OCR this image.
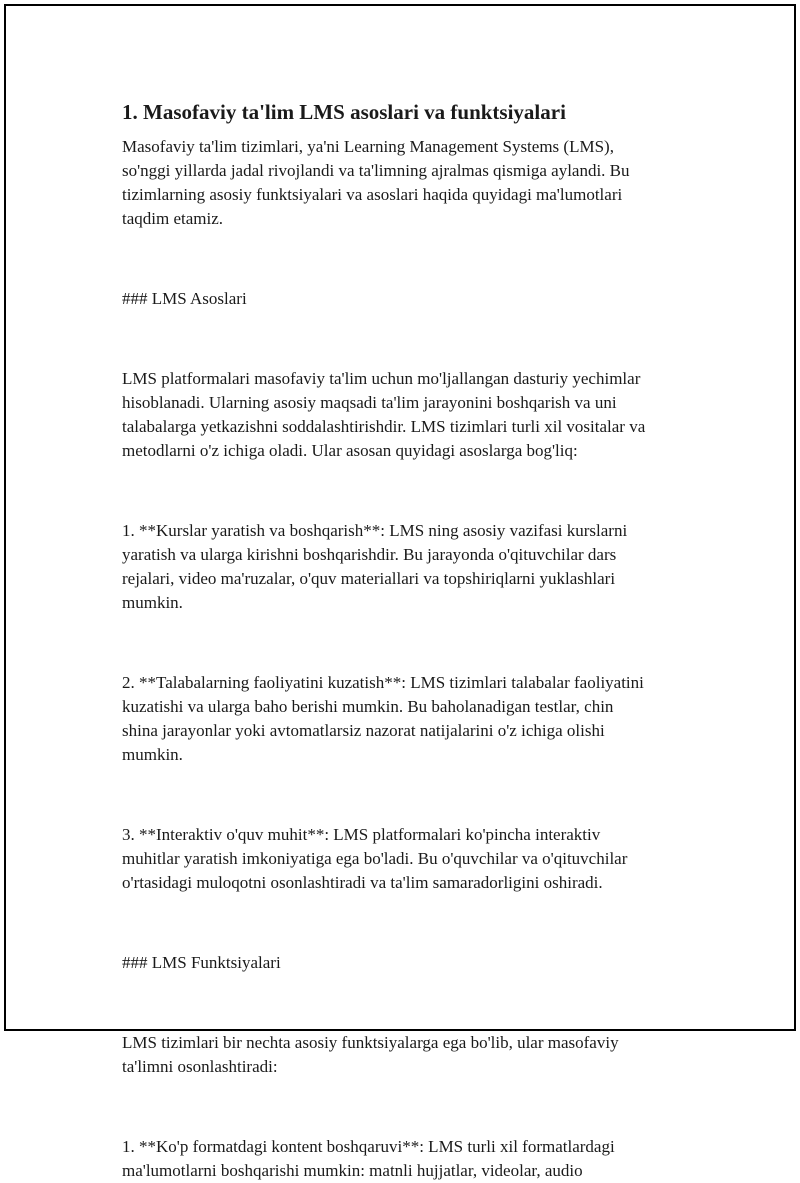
1. Masofaviy ta'lim LMS asoslari va funktsiyalari

Masofaviy ta'lim tizimlari, ya'ni Learning Management Systems (LMS),

so'nggi yillarda jadal rivojlandi va ta'limning ajralmas qismiga aylandi. Bu

tizimlarning asosiy funktsiyalari va asoslari haqida quyidagi ma'lumotlari

taqdim etamiz.

### LMS Asoslari

LMS platformalari masofaviy ta'lim uchun mo'ljallangan dasturiy yechimlar

hisoblanadi. Ularning asosiy maqsadi ta'lim jarayonini boshqarish va uni

talabalarga yetkazishni soddalashtirishdir. LMS tizimlari turli xil vositalar va

metodlarni o'z ichiga oladi. Ular asosan quyidagi asoslarga bog'liq:

1. **Kurslar yaratish va boshqarish**: LMS ning asosiy vazifasi kurslarni

yaratish va ularga kirishni boshqarishdir. Bu jarayonda o'qituvchilar dars

rejalari, video ma'ruzalar, o'quv materiallari va topshiriqlarni yuklashlari

mumkin.

2. **Talabalarning faoliyatini kuzatish**: LMS tizimlari talabalar faoliyatini

kuzatishi va ularga baho berishi mumkin. Bu baholanadigan testlar, chin

shina jarayonlar yoki avtomatlarsiz nazorat natijalarini o'z ichiga olishi

mumkin.

3. **Interaktiv o'quv muhit**: LMS platformalari ko'pincha interaktiv

muhitlar yaratish imkoniyatiga ega bo'ladi. Bu o'quvchilar va o'qituvchilar

o'rtasidagi muloqotni osonlashtiradi va ta'lim samaradorligini oshiradi.

### LMS Funktsiyalari

LMS tizimlari bir nechta asosiy funktsiyalarga ega bo'lib, ular masofaviy

ta'limni osonlashtiradi:

1. **Ko'p formatdagi kontent boshqaruvi**: LMS turli xil formatlardagi

ma'lumotlarni boshqarishi mumkin: matnli hujjatlar, videolar, audio
